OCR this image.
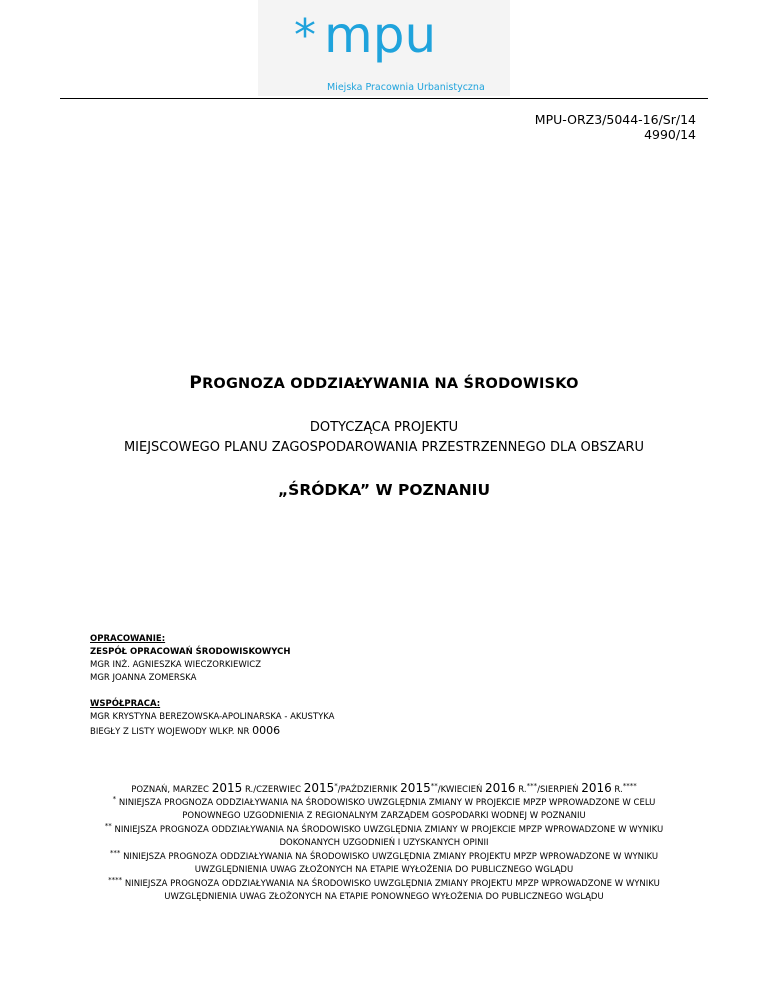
* mpu
Miejska Pracownia Urbanistyczna
MPU-ORZ3/5044-16/Sr/14
4990/14
PROGNOZA ODDZIAŁYWANIA NA ŚRODOWISKO
DOTYCZĄCA PROJEKTU
MIEJSCOWEGO PLANU ZAGOSPODAROWANIA PRZESTRZENNEGO DLA OBSZARU
„ŚRÓDKA” W POZNANIU
OPRACOWANIE:
ZESPÓŁ OPRACOWAŃ ŚRODOWISKOWYCH
MGR INŻ. AGNIESZKA WIECZORKIEWICZ
MGR JOANNA ZOMERSKA
WSPÓŁPRACA:
MGR KRYSTYNA BEREZOWSKA-APOLINARSKA - AKUSTYKA
BIEGŁY Z LISTY WOJEWODY WLKP. NR 0006
POZNAŃ, MARZEC 2015 R./CZERWIEC 2015*/PAŹDZIERNIK 2015**/KWIECIEŃ 2016 R.***/SIERPIEŃ 2016 R.****
* NINIEJSZA PROGNOZA ODDZIAŁYWANIA NA ŚRODOWISKO UWZGLĘDNIA ZMIANY W PROJEKCIE MPZP WPROWADZONE W CELU
PONOWNEGO UZGODNIENIA Z REGIONALNYM ZARZĄDEM GOSPODARKI WODNEJ W POZNANIU
** NINIEJSZA PROGNOZA ODDZIAŁYWANIA NA ŚRODOWISKO UWZGLĘDNIA ZMIANY W PROJEKCIE MPZP WPROWADZONE W WYNIKU
DOKONANYCH UZGODNIEŃ I UZYSKANYCH OPINII
*** NINIEJSZA PROGNOZA ODDZIAŁYWANIA NA ŚRODOWISKO UWZGLĘDNIA ZMIANY PROJEKTU MPZP WPROWADZONE W WYNIKU
UWZGLĘDNIENIA UWAG ZŁOŻONYCH NA ETAPIE WYŁOŻENIA DO PUBLICZNEGO WGLĄDU
**** NINIEJSZA PROGNOZA ODDZIAŁYWANIA NA ŚRODOWISKO UWZGLĘDNIA ZMIANY PROJEKTU MPZP WPROWADZONE W WYNIKU
UWZGLĘDNIENIA UWAG ZŁOŻONYCH NA ETAPIE PONOWNEGO WYŁOŻENIA DO PUBLICZNEGO WGLĄDU
